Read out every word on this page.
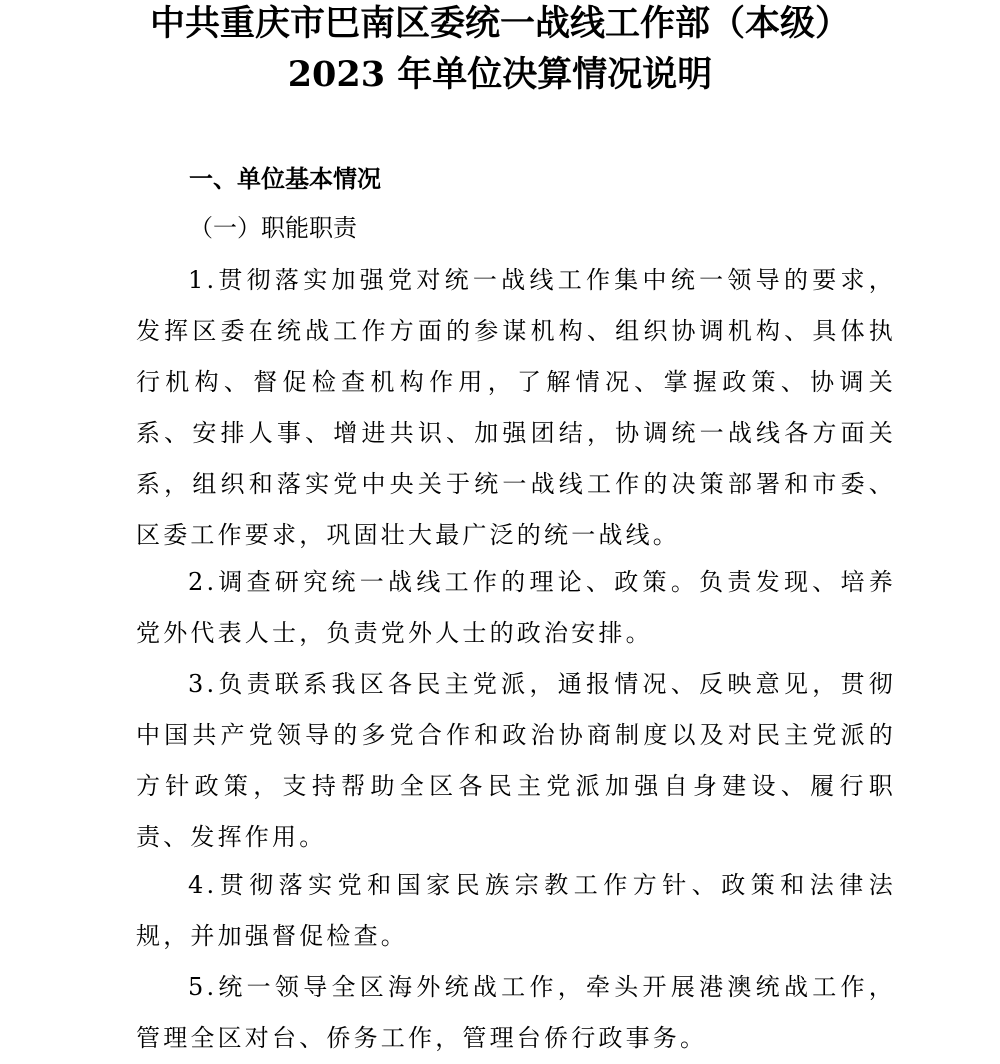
中共重庆市巴南区委统一战线工作部（本级）
2023 年单位决算情况说明
一、单位基本情况
（一）职能职责

1.贯彻落实加强党对统一战线工作集中统一领导的要求，发挥区委在统战工作方面的参谋机构、组织协调机构、具体执行机构、督促检查机构作用，了解情况、掌握政策、协调关系、安排人事、增进共识、加强团结，协调统一战线各方面关系，组织和落实党中央关于统一战线工作的决策部署和市委、区委工作要求，巩固壮大最广泛的统一战线。

2.调查研究统一战线工作的理论、政策。负责发现、培养党外代表人士，负责党外人士的政治安排。

3.负责联系我区各民主党派，通报情况、反映意见，贯彻中国共产党领导的多党合作和政治协商制度以及对民主党派的方针政策，支持帮助全区各民主党派加强自身建设、履行职责、发挥作用。

4.贯彻落实党和国家民族宗教工作方针、政策和法律法规，并加强督促检查。

5.统一领导全区海外统战工作，牵头开展港澳统战工作，管理全区对台、侨务工作，管理台侨行政事务。
